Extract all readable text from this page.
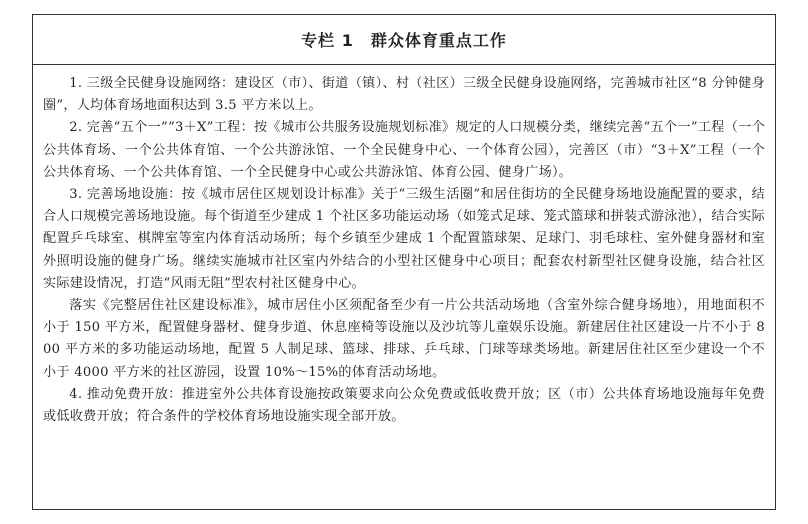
专栏 1　群众体育重点工作

1. 三级全民健身设施网络：建设区（市）、街道（镇）、村（社区）三级全民健身设施网络，完善城市社区“8 分钟健身圈”，人均体育场地面积达到 3.5 平方米以上。

2. 完善“五个一”“3＋X”工程：按《城市公共服务设施规划标准》规定的人口规模分类，继续完善“五个一”工程（一个公共体育场、一个公共体育馆、一个公共游泳馆、一个全民健身中心、一个体育公园），完善区（市）“3＋X”工程（一个公共体育场、一个公共体育馆、一个全民健身中心或公共游泳馆、体育公园、健身广场）。

3. 完善场地设施：按《城市居住区规划设计标准》关于“三级生活圈”和居住街坊的全民健身场地设施配置的要求，结合人口规模完善场地设施。每个街道至少建成 1 个社区多功能运动场（如笼式足球、笼式篮球和拼装式游泳池），结合实际配置乒乓球室、棋牌室等室内体育活动场所；每个乡镇至少建成 1 个配置篮球架、足球门、羽毛球柱、室外健身器材和室外照明设施的健身广场。继续实施城市社区室内外结合的小型社区健身中心项目；配套农村新型社区健身设施，结合社区实际建设情况，打造“风雨无阻”型农村社区健身中心。

落实《完整居住社区建设标准》，城市居住小区须配备至少有一片公共活动场地（含室外综合健身场地），用地面积不小于 150 平方米，配置健身器材、健身步道、休息座椅等设施以及沙坑等儿童娱乐设施。新建居住社区建设一片不小于 800 平方米的多功能运动场地，配置 5 人制足球、篮球、排球、乒乓球、门球等球类场地。新建居住社区至少建设一个不小于 4000 平方米的社区游园，设置 10%～15%的体育活动场地。

4. 推动免费开放：推进室外公共体育设施按政策要求向公众免费或低收费开放；区（市）公共体育场地设施每年免费或低收费开放；符合条件的学校体育场地设施实现全部开放。
